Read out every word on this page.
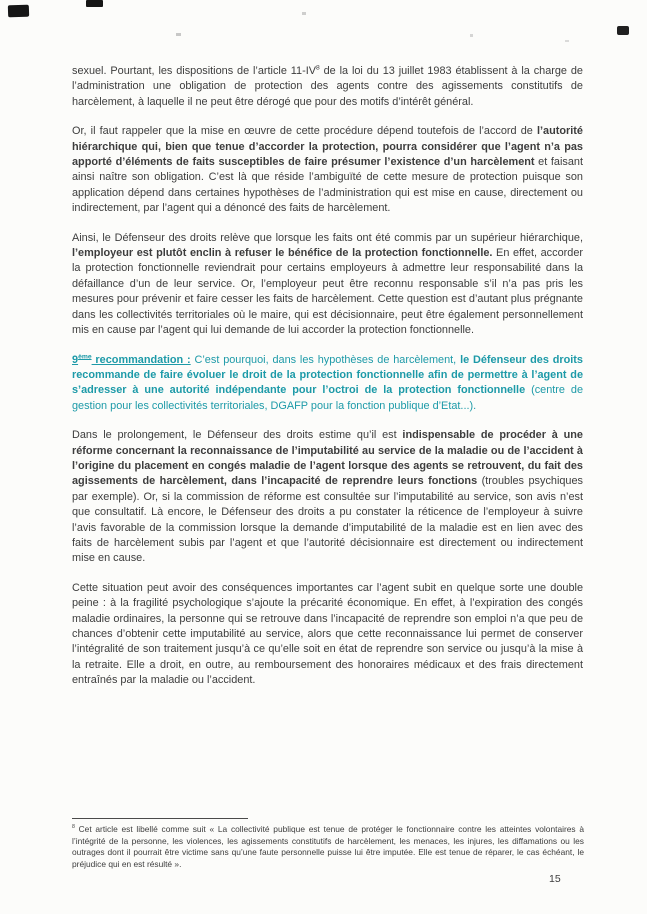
sexuel. Pourtant, les dispositions de l’article $11-IV^8$ de la loi du 13 juillet 1983 établissent à la charge de l’administration une obligation de protection des agents contre des agissements constitutifs de harcèlement, à laquelle il ne peut être dérogé que pour des motifs d’intérêt général.

Or, il faut rappeler que la mise en œuvre de cette procédure dépend toutefois de l’accord de l’autorité hiérarchique qui, bien que tenue d’accorder la protection, pourra considérer que l’agent n’a pas apporté d’éléments de faits susceptibles de faire présumer l’existence d’un harcèlement et faisant ainsi naître son obligation. C’est là que réside l’ambiguïté de cette mesure de protection puisque son application dépend dans certaines hypothèses de l’administration qui est mise en cause, directement ou indirectement, par l’agent qui a dénoncé des faits de harcèlement.

Ainsi, le Défenseur des droits relève que lorsque les faits ont été commis par un supérieur hiérarchique, l’employeur est plutôt enclin à refuser le bénéfice de la protection fonctionnelle. En effet, accorder la protection fonctionnelle reviendrait pour certains employeurs à admettre leur responsabilité dans la défaillance d’un de leur service. Or, l’employeur peut être reconnu responsable s’il n’a pas pris les mesures pour prévenir et faire cesser les faits de harcèlement. Cette question est d’autant plus prégnante dans les collectivités territoriales où le maire, qui est décisionnaire, peut être également personnellement mis en cause par l’agent qui lui demande de lui accorder la protection fonctionnelle.

9ème recommandation : C’est pourquoi, dans les hypothèses de harcèlement, le Défenseur des droits recommande de faire évoluer le droit de la protection fonctionnelle afin de permettre à l’agent de s’adresser à une autorité indépendante pour l’octroi de la protection fonctionnelle (centre de gestion pour les collectivités territoriales, DGAFP pour la fonction publique d’Etat...).

Dans le prolongement, le Défenseur des droits estime qu’il est indispensable de procéder à une réforme concernant la reconnaissance de l’imputabilité au service de la maladie ou de l’accident à l’origine du placement en congés maladie de l’agent lorsque des agents se retrouvent, du fait des agissements de harcèlement, dans l’incapacité de reprendre leurs fonctions (troubles psychiques par exemple). Or, si la commission de réforme est consultée sur l’imputabilité au service, son avis n’est que consultatif. Là encore, le Défenseur des droits a pu constater la réticence de l’employeur à suivre l’avis favorable de la commission lorsque la demande d’imputabilité de la maladie est en lien avec des faits de harcèlement subis par l’agent et que l’autorité décisionnaire est directement ou indirectement mise en cause.

Cette situation peut avoir des conséquences importantes car l’agent subit en quelque sorte une double peine : à la fragilité psychologique s’ajoute la précarité économique. En effet, à l’expiration des congés maladie ordinaires, la personne qui se retrouve dans l’incapacité de reprendre son emploi n’a que peu de chances d’obtenir cette imputabilité au service, alors que cette reconnaissance lui permet de conserver l’intégralité de son traitement jusqu’à ce qu’elle soit en état de reprendre son service ou jusqu’à la mise à la retraite. Elle a droit, en outre, au remboursement des honoraires médicaux et des frais directement entraînés par la maladie ou l’accident.

$^8$ Cet article est libellé comme suit « La collectivité publique est tenue de protéger le fonctionnaire contre les atteintes volontaires à l’intégrité de la personne, les violences, les agissements constitutifs de harcèlement, les menaces, les injures, les diffamations ou les outrages dont il pourrait être victime sans qu’une faute personnelle puisse lui être imputée. Elle est tenue de réparer, le cas échéant, le préjudice qui en est résulté ».
15
